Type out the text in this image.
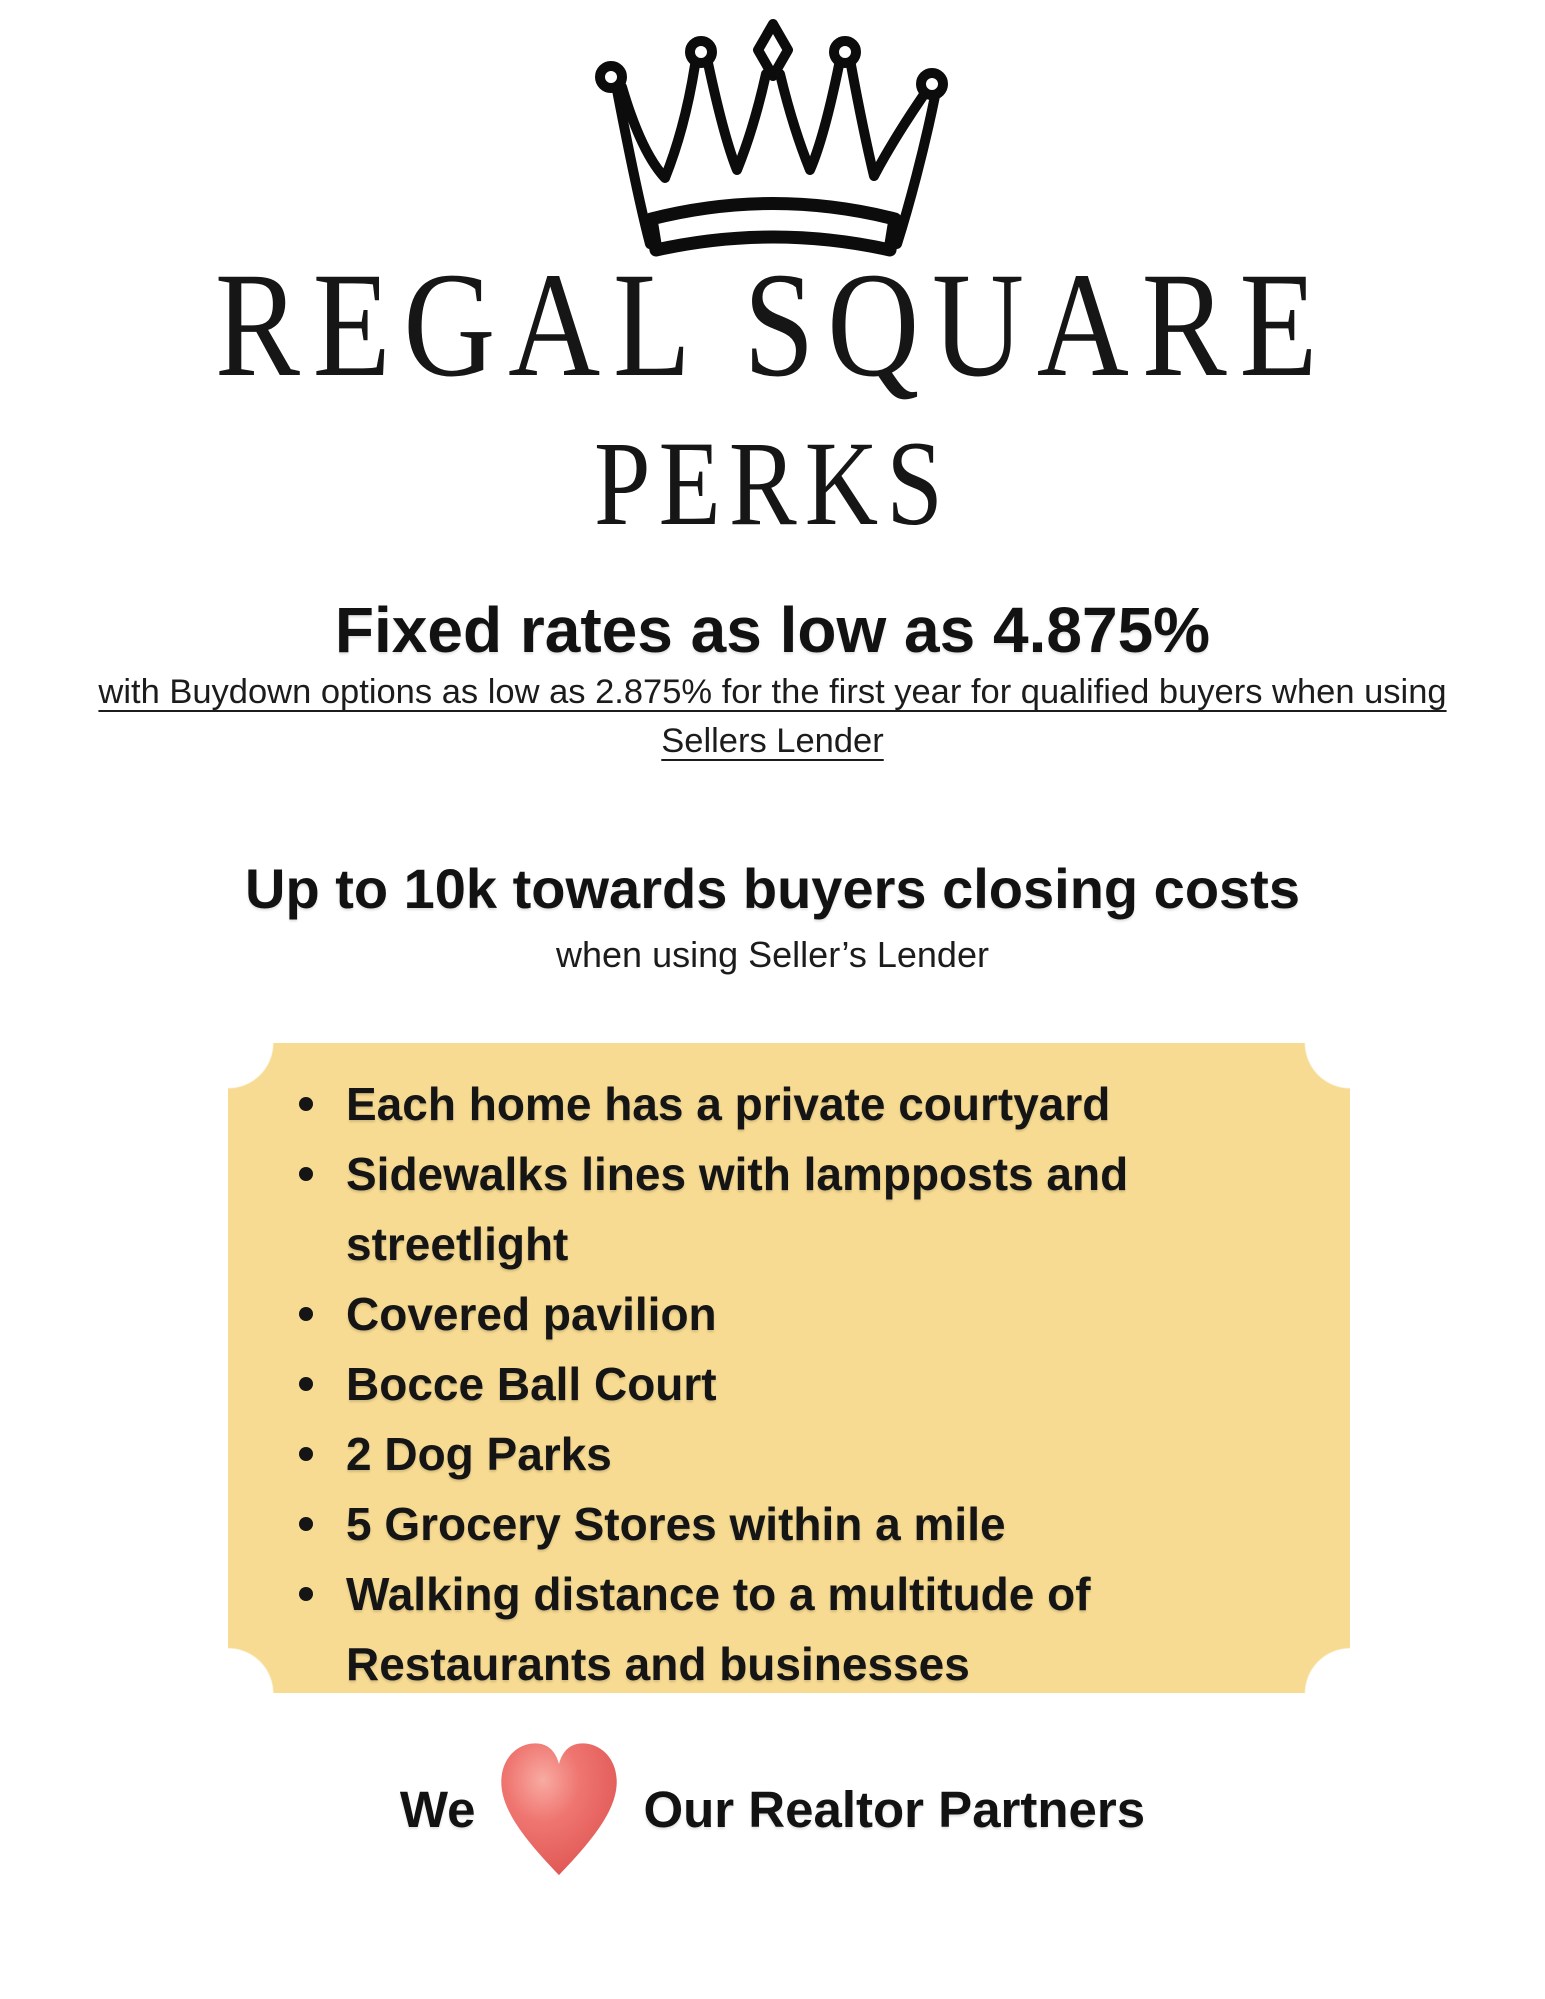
REGAL SQUARE
PERKS
Fixed rates as low as 4.875%
with Buydown options as low as 2.875% for the first year for qualified buyers when using Sellers Lender
Up to 10k towards buyers closing costs
when using Seller’s Lender
Each home has a private courtyard
Sidewalks lines with lampposts and streetlight
Covered pavilion
Bocce Ball Court
2 Dog Parks
5 Grocery Stores within a mile
Walking distance to a multitude of Restaurants and businesses
We	Our Realtor Partners
